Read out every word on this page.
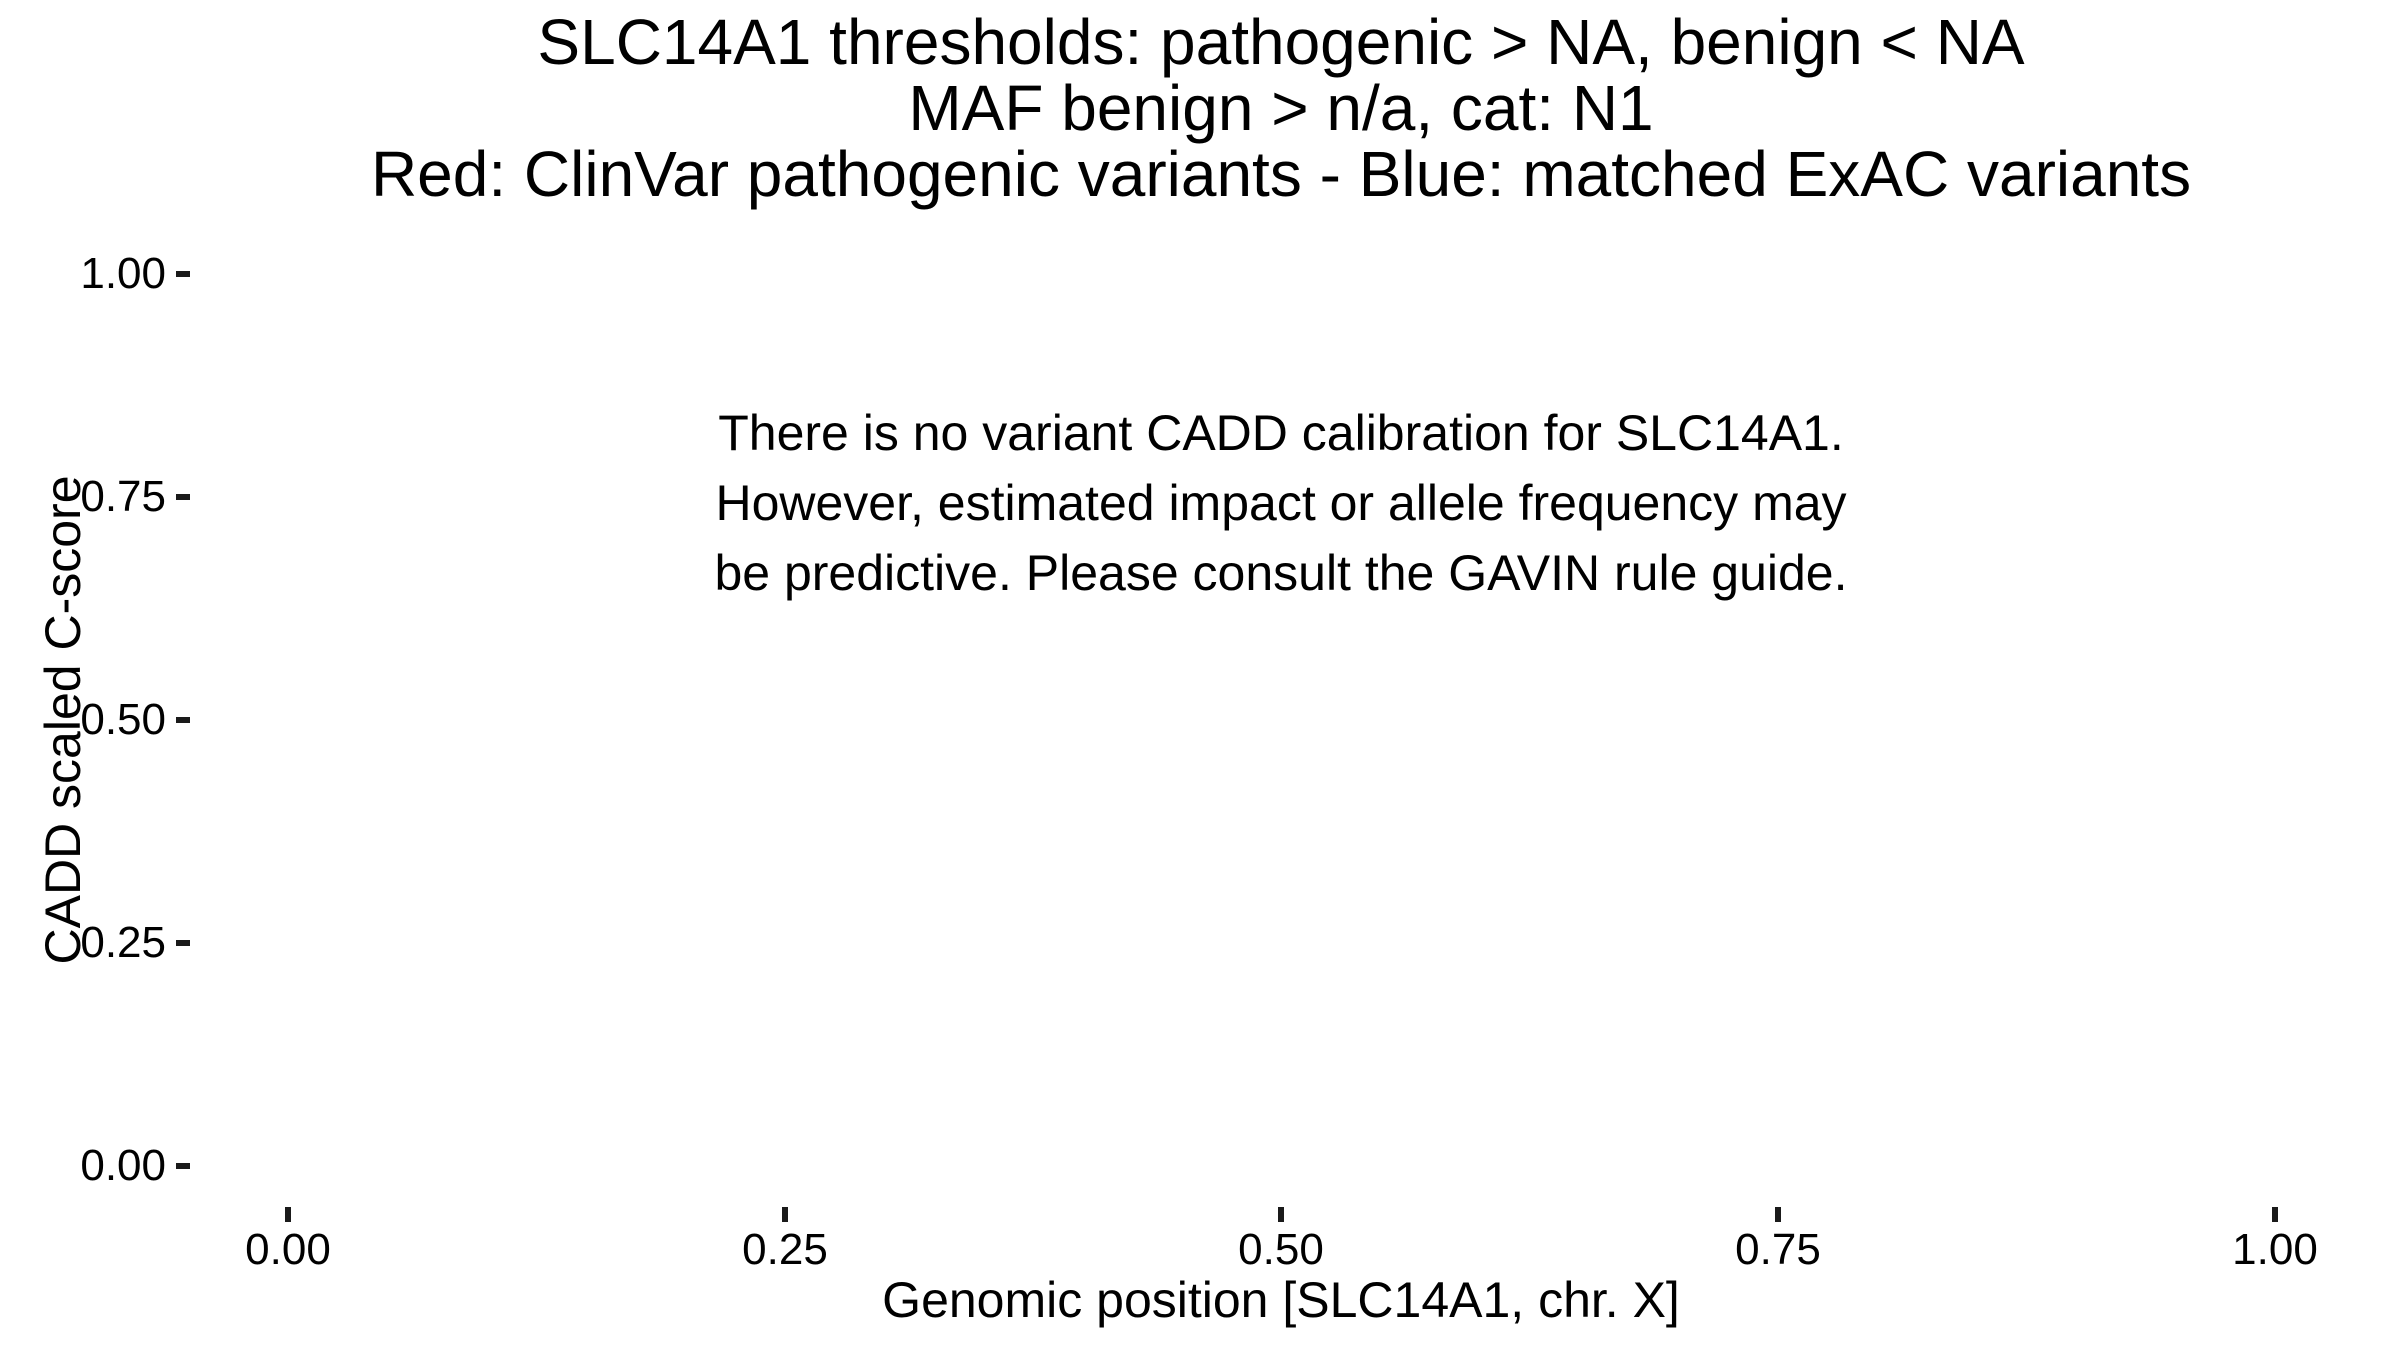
SLC14A1 thresholds: pathogenic > NA, benign < NA
MAF benign > n/a, cat: N1
Red: ClinVar pathogenic variants - Blue: matched ExAC variants
There is no variant CADD calibration for SLC14A1.
However, estimated impact or allele frequency may
be predictive. Please consult the GAVIN rule guide.
CADD scaled C-score
1.00
0.75
0.50
0.25
0.00
Genomic position [SLC14A1, chr. X]
0.00	0.25	0.50	0.75	1.00
